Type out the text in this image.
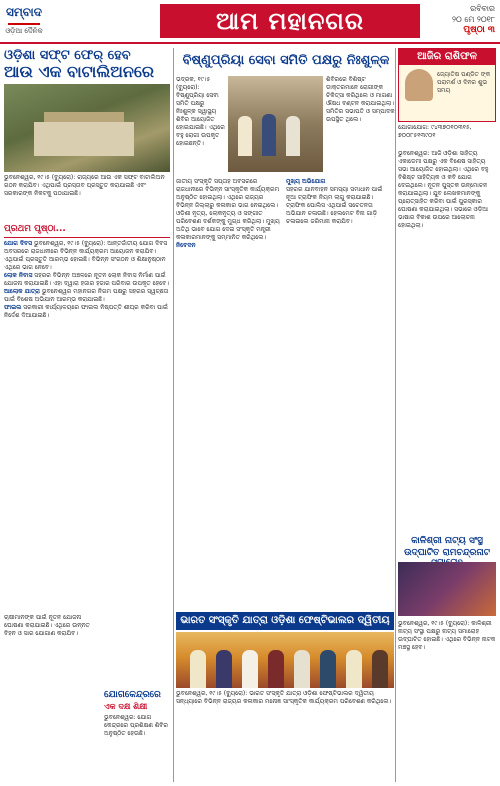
ସମ୍ବାଦ
ଓଡ଼ିଆ ଦୈନିକ	ଆମ ମହାନଗର	ରବିବାର
୨୦ ମେ ୨୦୧୮
ପୃଷ୍ଠା ୩

ଓଡ଼ିଶା ସଫ୍ଟ ଫେର୍ ହେବ

ଆଉ ଏକ ବାଟାଲିଅନରେ

ଭୁବନେଶ୍ୱର, ୧୯।୫ (ବ୍ୟୁରୋ): ରାଜ୍ୟରେ ଆଉ ଏକ ସଫ୍ଟ ବାଟାଲିଅନ ଗଠନ କରାଯିବ। ଏଥିପାଇଁ ପ୍ରସ୍ତାବ ପ୍ରସ୍ତୁତ କରାଯାଇଛି ଏବଂ ସରକାରଙ୍କ ନିକଟକୁ ପଠାଯାଇଛି।
ବିଷ୍ଣୁପ୍ରିୟା ସେବା ସମିତି ପକ୍ଷରୁ ନିଃଶୁଳ୍କ
ଭଦ୍ରକ, ୧୯।୫ (ବ୍ୟୁରୋ): ବିଷ୍ଣୁପ୍ରିୟା ସେବା ସମିତି ପକ୍ଷରୁ ନିଃଶୁଳ୍କ ସ୍ୱାସ୍ଥ୍ୟ ଶିବିର ଆୟୋଜିତ ହୋଇଯାଇଛି। ଏଥିରେ ବହୁ ରୋଗୀ ଉପକୃତ ହୋଇଛନ୍ତି।
ଶିବିରରେ ବିଶିଷ୍ଟ ଡାକ୍ତରମାନେ ରୋଗୀଙ୍କ ଚିକିତ୍ସା କରିଥିଲେ ଓ ମାଗଣା ଔଷଧ ବଣ୍ଟନ କରାଯାଇଥିଲା। ସମିତିର ସଭାପତି ଓ ସମ୍ପାଦକ ଉପସ୍ଥିତ ଥିଲେ।
ଆଜିର ରାଶିଫଳ
ଜ୍ୟୋତିଷ ପଣ୍ଡିତ ଙ୍କ ପରାମର୍ଶ ଓ ଦିନର ଶୁଭ ସମୟ
ଯୋଗାଯୋଗ: ୯୪୩୭୦୧୦୩୧୫, ୭୦୦୮୫୧୩୯୦୧
ପ୍ରଥମ ପୃଷ୍ଠା...
ଯୋଗ ଦିବସ ଭୁବନେଶ୍ୱର, ୧୯।୫ (ବ୍ୟୁରୋ): ଆନ୍ତର୍ଜାତୀୟ ଯୋଗ ଦିବସ ଅବସରରେ ରାଜଧାନୀରେ ବିଭିନ୍ନ କାର୍ଯ୍ୟକ୍ରମ ଆୟୋଜନ କରାଯିବ। ଏଥିପାଇଁ ପ୍ରସ୍ତୁତି ଆରମ୍ଭ ହୋଇଛି। ବିଭିନ୍ନ ସଂଗଠନ ଓ ଶିକ୍ଷାନୁଷ୍ଠାନ ଏଥିରେ ଭାଗ ନେବେ।
ଲୋକ ନିବାସ ସହରର ବିଭିନ୍ନ ଅଞ୍ଚଳରେ ନୂତନ ଲୋକ ନିବାସ ନିର୍ମାଣ ପାଇଁ ଯୋଜନା କରାଯାଇଛି। ଏହା ଦ୍ୱାରା ହଜାର ହଜାର ପରିବାର ଉପକୃତ ହେବେ।
ଆଲୋକ ଯାତ୍ରା ଭୁବନେଶ୍ୱର ମହାନଗର ନିଗମ ପକ୍ଷରୁ ସହରର ସ୍ୱଚ୍ଛତା ପାଇଁ ବିଶେଷ ଅଭିଯାନ ଆରମ୍ଭ କରାଯାଇଛି।
ଫାଇଲ ସରକାରୀ କାର୍ଯ୍ୟାଳୟରେ ଫାଇଲ ନିଷ୍ପତ୍ତି ଶୀଘ୍ର କରିବା ପାଇଁ ନିର୍ଦ୍ଦେଶ ଦିଆଯାଇଛି।
ଜାତୀୟ ସଂସ୍କୃତି ସପ୍ତାହ ଅବସରରେ ରାଜଧାନୀରେ ବିଭିନ୍ନ ସାଂସ୍କୃତିକ କାର୍ଯ୍ୟକ୍ରମ ଅନୁଷ୍ଠିତ ହୋଇଥିଲା। ଏଥିରେ ରାଜ୍ୟର ବିଭିନ୍ନ ଜିଲ୍ଲାରୁ କଳାକାର ଭାଗ ନେଇଥିଲେ। ଓଡ଼ିଶୀ ନୃତ୍ୟ, ଲୋକନୃତ୍ୟ ଓ ସଙ୍ଗୀତ ପରିବେଶଣ ଦର୍ଶକଙ୍କୁ ମୁଗ୍ଧ କରିଥିଲା। ମୁଖ୍ୟ ଅତିଥି ଭାବେ ଯୋଗ ଦେଇ ସଂସ୍କୃତି ମନ୍ତ୍ରୀ କଳାକାରମାନଙ୍କୁ ସମ୍ମାନିତ କରିଥିଲେ।
ନିବେଦନ
ମୁଖ୍ୟ ଅଭିଯୋଗ
ସହରର ଯାନବାହନ ସମସ୍ୟା ସମାଧାନ ପାଇଁ ନୂଆ ଟ୍ରାଫିକ ନିୟମ ଲାଗୁ କରାଯାଇଛି। ଟ୍ରାଫିକ ପୋଲିସ ଏଥିପାଇଁ ସଚେତନତା ଅଭିଯାନ ଚଳାଉଛି। ହେଲମେଟ ବିନା ଗାଡ଼ି ଚଳାଇଲେ ଜରିମାନା କରାଯିବ।
ଭୁବନେଶ୍ୱର: ଆଜି ଓଡ଼ିଶା ସାହିତ୍ୟ ଏକାଡେମୀ ପକ୍ଷରୁ ଏକ ବିଶେଷ ସାହିତ୍ୟ ସଭା ଆୟୋଜିତ ହୋଇଥିଲା। ଏଥିରେ ବହୁ ବିଶିଷ୍ଟ ସାହିତ୍ୟିକ ଓ କବି ଯୋଗ ଦେଇଥିଲେ। ନୂତନ ପୁସ୍ତକ ଉନ୍ମୋଚନ କରାଯାଇଥିଲା। ଯୁବ ଲେଖକମାନଙ୍କୁ ପ୍ରୋତ୍ସାହିତ କରିବା ପାଇଁ ପୁରସ୍କାର ଘୋଷଣା କରାଯାଇଥିଲା। ସଭାରେ ଓଡ଼ିଆ ଭାଷାର ବିକାଶ ଉପରେ ଆଲୋଚନା ହୋଇଥିଲା।
ଭାରତ ସଂସ୍କୃତି ଯାତ୍ରା ଓଡ଼ିଶା ଫେଷ୍ଟିଭାଲର ଦ୍ୱିତୀୟ
ଭୁବନେଶ୍ୱର, ୧୯।୫ (ବ୍ୟୁରୋ): ଭାରତ ସଂସ୍କୃତି ଯାତ୍ରା ଓଡ଼ିଶା ଫେଷ୍ଟିଭାଲର ଦ୍ୱିତୀୟ ସନ୍ଧ୍ୟାରେ ବିଭିନ୍ନ ରାଜ୍ୟର କଳାକାର ମନୋଜ୍ଞ ସାଂସ୍କୃତିକ କାର୍ଯ୍ୟକ୍ରମ ପରିବେଶଣ କରିଥିଲେ।
ଯୋଗକେନ୍ଦ୍ରରେ
ଏକ ଦକ୍ଷ ଶିକ୍ଷୀ
ଭୁବନେଶ୍ୱର: ଯୋଗ କେନ୍ଦ୍ରରେ ପ୍ରଶିକ୍ଷଣ ଶିବିର ଅନୁଷ୍ଠିତ ହେଉଛି।
ଚାଷୀମାନଙ୍କ ପାଇଁ ନୂତନ ଯୋଜନା ଘୋଷଣା କରାଯାଇଛି। ଏଥିରେ ଉନ୍ନତ ବିହନ ଓ ସାର ଯୋଗାଣ କରାଯିବ।
କାଳିଶ୍ରୀ ନାଟ୍ୟ ସଂସ୍ଥ
ଉଦ୍‌ଘାଟିତ ରାମଚନ୍ଦ୍ରନାଟ
ଭୁବନେଶ୍ୱର, ୧୯।୫ (ବ୍ୟୁରୋ): କାଳିଶ୍ରୀ ନାଟ୍ୟ ସଂସ୍ଥା ପକ୍ଷରୁ ନାଟ୍ୟ ସମାରୋହ ଉଦ୍‌ଘାଟିତ ହୋଇଛି। ଏଥିରେ ବିଭିନ୍ନ ନାଟକ ମଞ୍ଚସ୍ଥ ହେବ।
